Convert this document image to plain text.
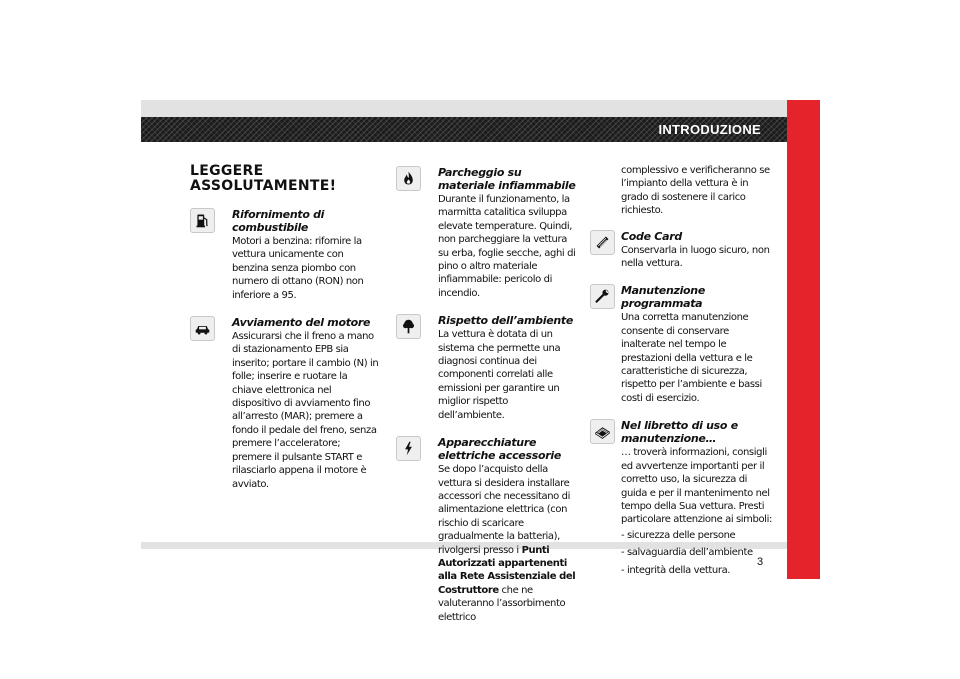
INTRODUZIONE
3
LEGGERE
ASSOLUTAMENTE!
Rifornimento di combustibile
Motori a benzina: rifornire la vettura unicamente con benzina senza piombo con numero di ottano (RON) non inferiore a 95.
Avviamento del motore
Assicurarsi che il freno a mano di stazionamento EPB sia inserito; portare il cambio (N) in folle; inserire e ruotare la chiave elettronica nel dispositivo di avviamento fino all’arresto (MAR); premere a fondo il pedale del freno, senza premere l’acceleratore; premere il pulsante START e rilasciarlo appena il motore è avviato.
Parcheggio su materiale infiammabile
Durante il funzionamento, la marmitta catalitica sviluppa elevate temperature. Quindi, non parcheggiare la vettura su erba, foglie secche, aghi di pino o altro materiale infiammabile: pericolo di incendio.
Rispetto dell’ambiente
La vettura è dotata di un sistema che permette una diagnosi continua dei componenti correlati alle emissioni per garantire un miglior rispetto dell’ambiente.
Apparecchiature elettriche accessorie
Se dopo l’acquisto della vettura si desidera installare accessori che necessitano di alimentazione elettrica (con rischio di scaricare gradualmente la batteria), rivolgersi presso i Punti Autorizzati appartenenti alla Rete Assistenziale del Costruttore che ne valuteranno l’assorbimento elettrico
complessivo e verificheranno se l’impianto della vettura è in grado di sostenere il carico richiesto.
Code Card
Conservarla in luogo sicuro, non nella vettura.
Manutenzione programmata
Una corretta manutenzione consente di conservare inalterate nel tempo le prestazioni della vettura e le caratteristiche di sicurezza, rispetto per l’ambiente e bassi costi di esercizio.
Nel libretto di uso e manutenzione…
… troverà informazioni, consigli ed avvertenze importanti per il corretto uso, la sicurezza di guida e per il mantenimento nel tempo della Sua vettura. Presti particolare attenzione ai simboli:
- sicurezza delle persone
- salvaguardia dell’ambiente
- integrità della vettura.
